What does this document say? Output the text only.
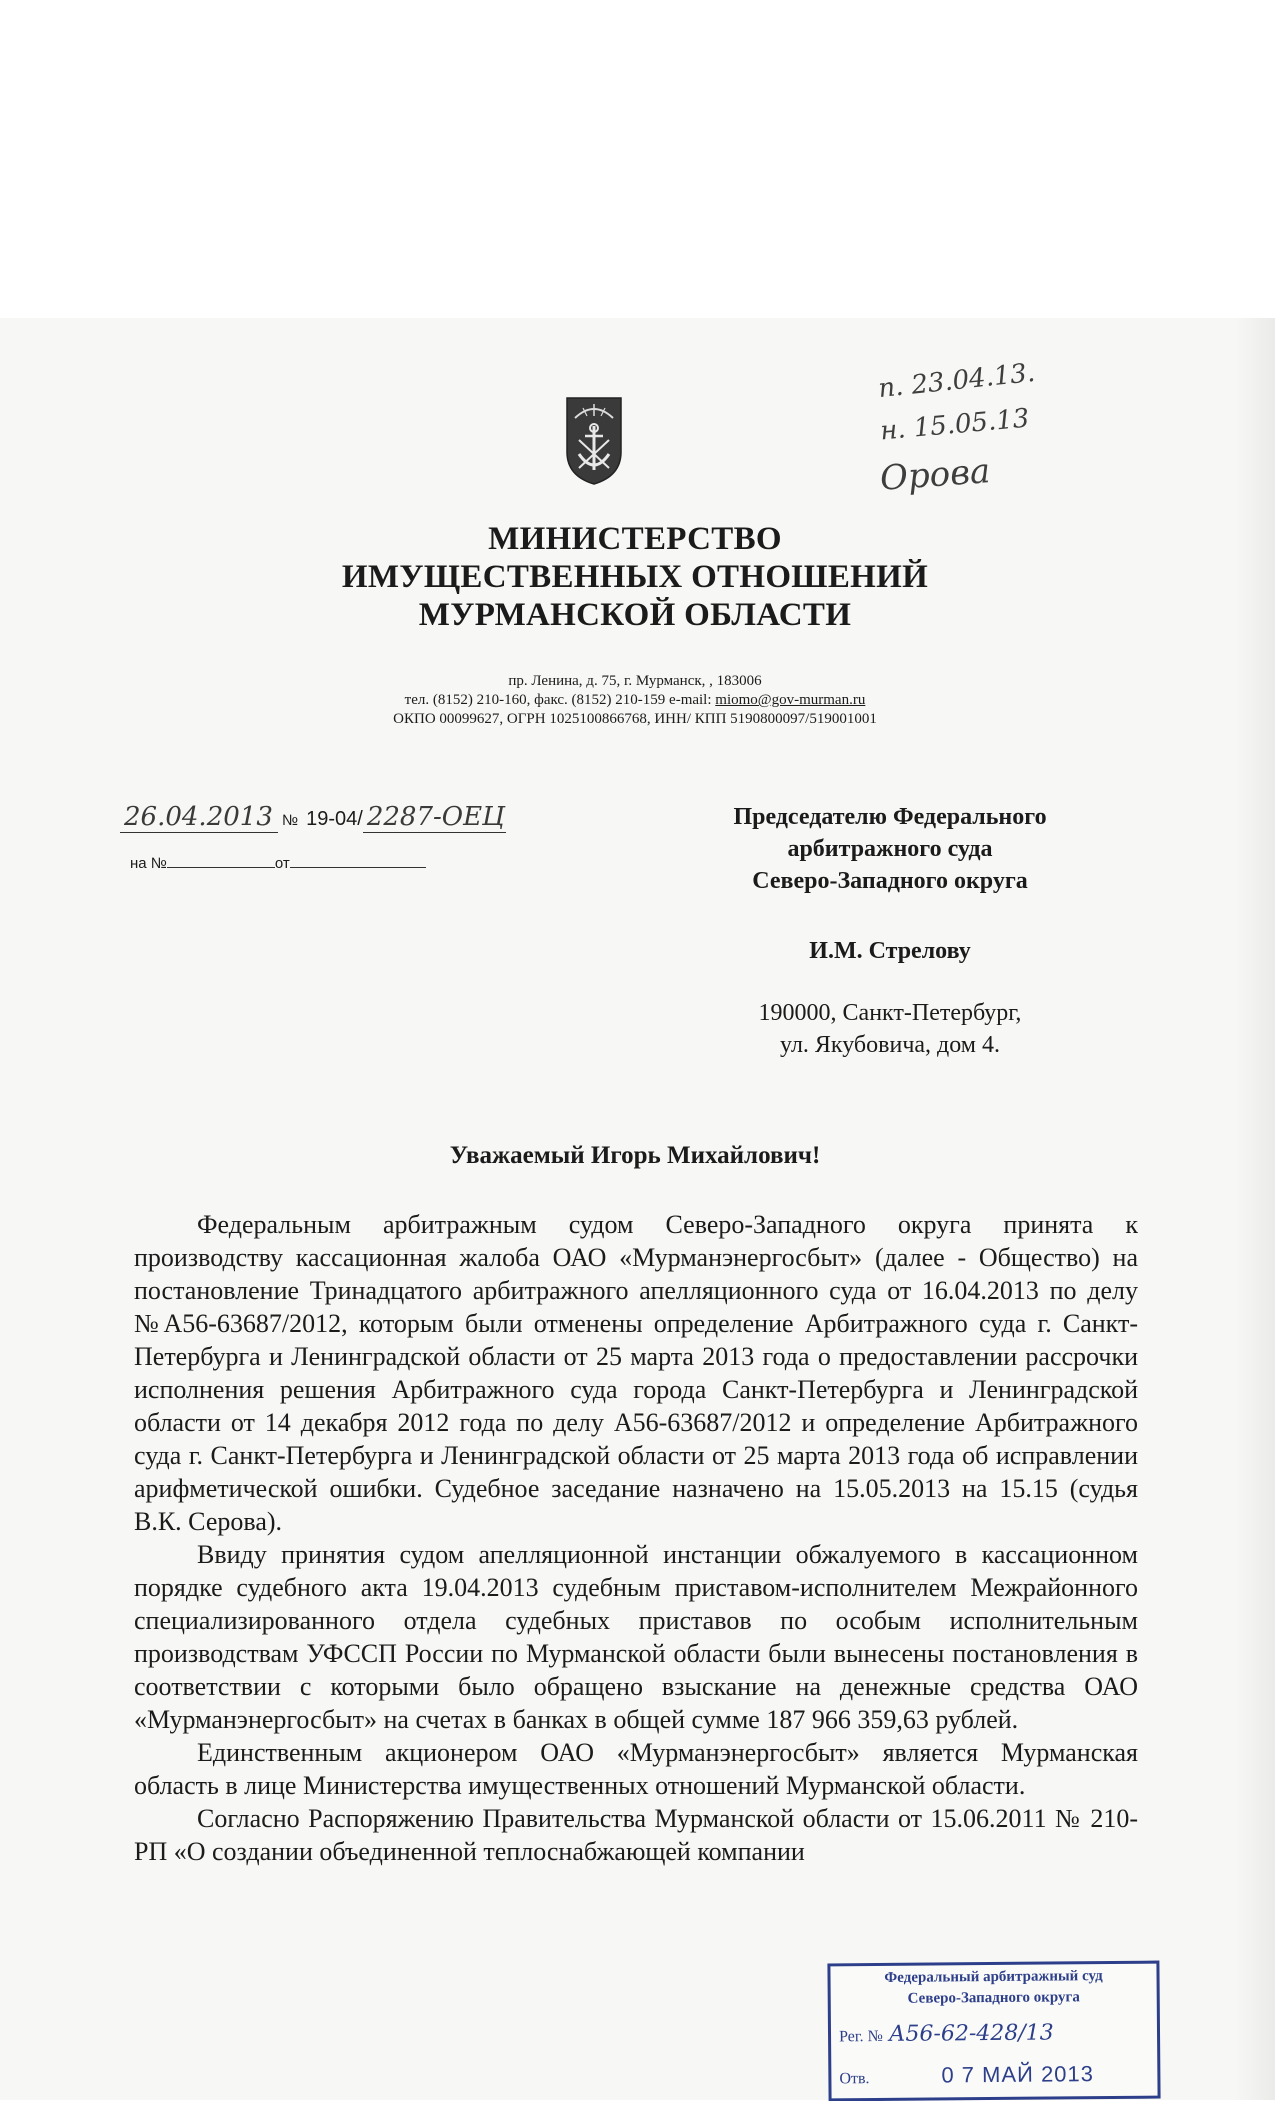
МИНИСТЕРСТВО
ИМУЩЕСТВЕННЫХ ОТНОШЕНИЙ
МУРМАНСКОЙ ОБЛАСТИ
пр. Ленина, д. 75, г. Мурманск, , 183006
тел. (8152) 210-160, факс. (8152) 210-159 e-mail: miomo@gov-murman.ru
ОКПО 00099627, ОГРН 1025100866768, ИНН/ КПП 5190800097/519001001
п. 23.04.13.
н. 15.05.13
Орова
26.04.2013 № 19-04/ 2287-ОЕЦ
на №	от
Председателю Федерального
арбитражного суда
Северо-Западного округа
И.М. Стрелову
190000, Санкт-Петербург,
ул. Якубовича, дом 4.
Уважаемый Игорь Михайлович!

Федеральным арбитражным судом Северо-Западного округа принята к производству кассационная жалоба ОАО «Мурманэнергосбыт» (далее - Общество) на постановление Тринадцатого арбитражного апелляционного суда от 16.04.2013 по делу №А56-63687/2012, которым были отменены определение Арбитражного суда г. Санкт-Петербурга и Ленинградской области от 25 марта 2013 года о предоставлении рассрочки исполнения решения Арбитражного суда города Санкт-Петербурга и Ленинградской области от 14 декабря 2012 года по делу А56-63687/2012 и определение Арбитражного суда г. Санкт-Петербурга и Ленинградской области от 25 марта 2013 года об исправлении арифметической ошибки. Судебное заседание назначено на 15.05.2013 на 15.15 (судья В.К. Серова).

Ввиду принятия судом апелляционной инстанции обжалуемого в кассационном порядке судебного акта 19.04.2013 судебным приставом-исполнителем Межрайонного специализированного отдела судебных приставов по особым исполнительным производствам УФССП России по Мурманской области были вынесены постановления в соответствии с которыми было обращено взыскание на денежные средства ОАО «Мурманэнергосбыт» на счетах в банках в общей сумме 187 966 359,63 рублей.

Единственным акционером ОАО «Мурманэнергосбыт» является Мурманская область в лице Министерства имущественных отношений Мурманской области.

Согласно Распоряжению Правительства Мурманской области от 15.06.2011 № 210-РП «О создании объединенной теплоснабжающей компании

Федеральный арбитражный суд
Северо-Западного округа
Рег. № А56-62-428/13
Отв.	0 7 МАЙ 2013
